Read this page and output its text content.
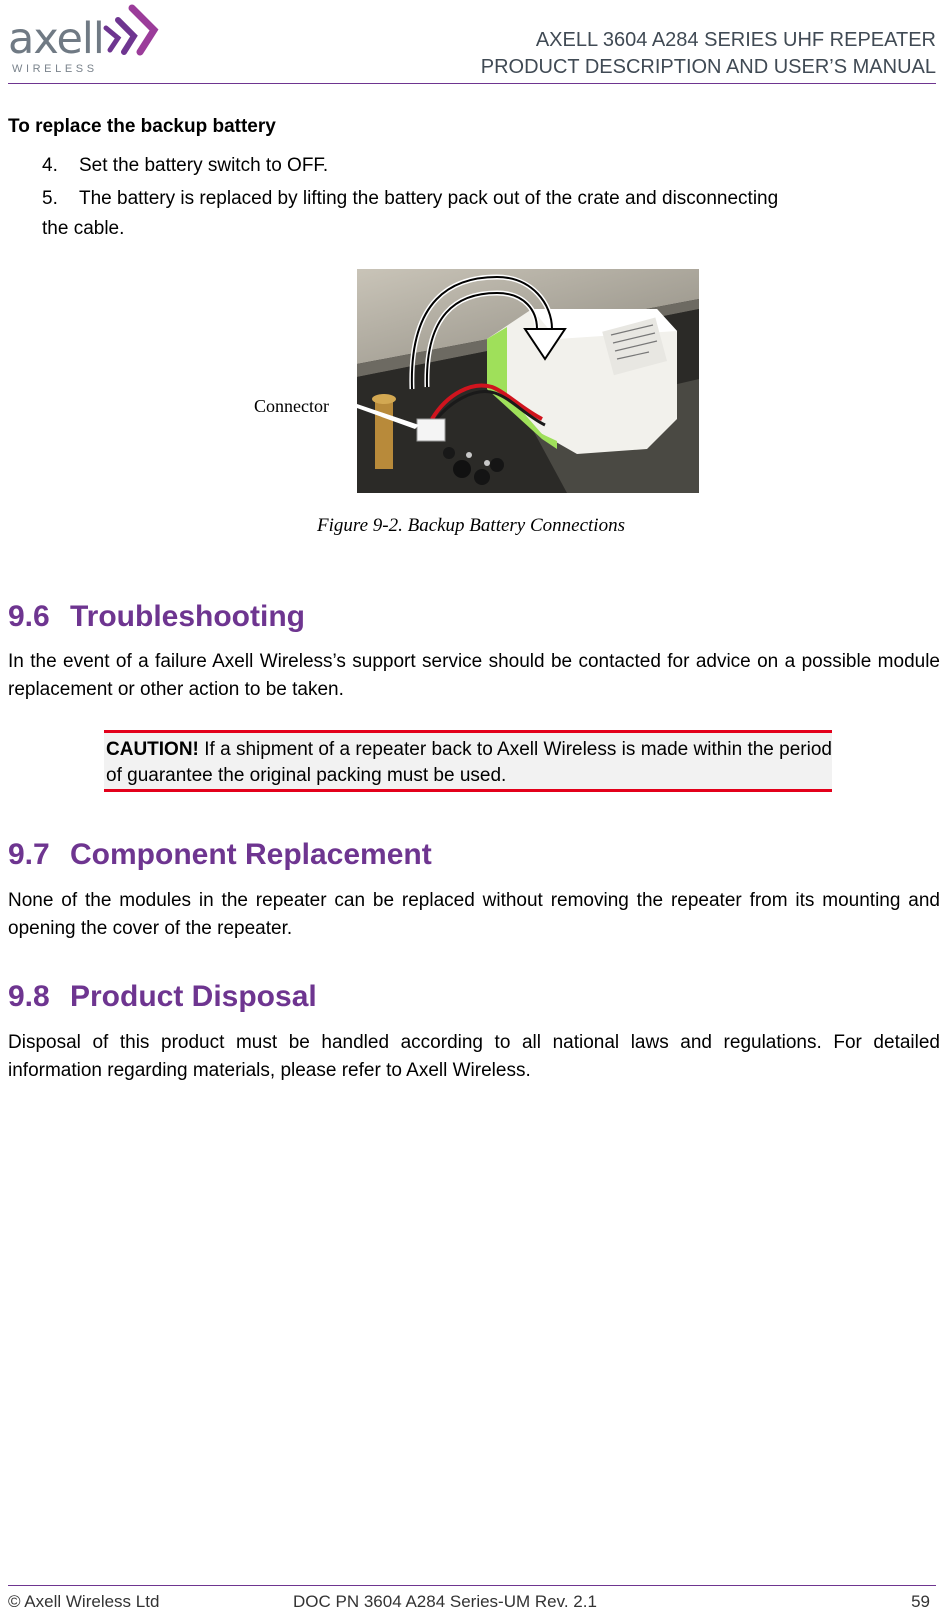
axell
WIRELESS
AXELL 3604 A284 SERIES UHF REPEATER
PRODUCT DESCRIPTION AND USER’S MANUAL
To replace the backup battery
4. Set the battery switch to OFF.
5. The battery is replaced by lifting the battery pack out of the crate and disconnecting
the cable.
Connector
Figure 9-2. Backup Battery Connections
9.6 Troubleshooting
In the event of a failure Axell Wireless’s support service should be contacted for advice on a possible module replacement or other action to be taken.
CAUTION! If a shipment of a repeater back to Axell Wireless is made within the period of guarantee the original packing must be used.
9.7 Component Replacement
None of the modules in the repeater can be replaced without removing the repeater from its mounting and opening the cover of the repeater.
9.8 Product Disposal
Disposal of this product must be handled according to all national laws and regulations. For detailed information regarding materials, please refer to Axell Wireless.
© Axell Wireless Ltd	DOC PN 3604 A284 Series-UM Rev. 2.1	59
